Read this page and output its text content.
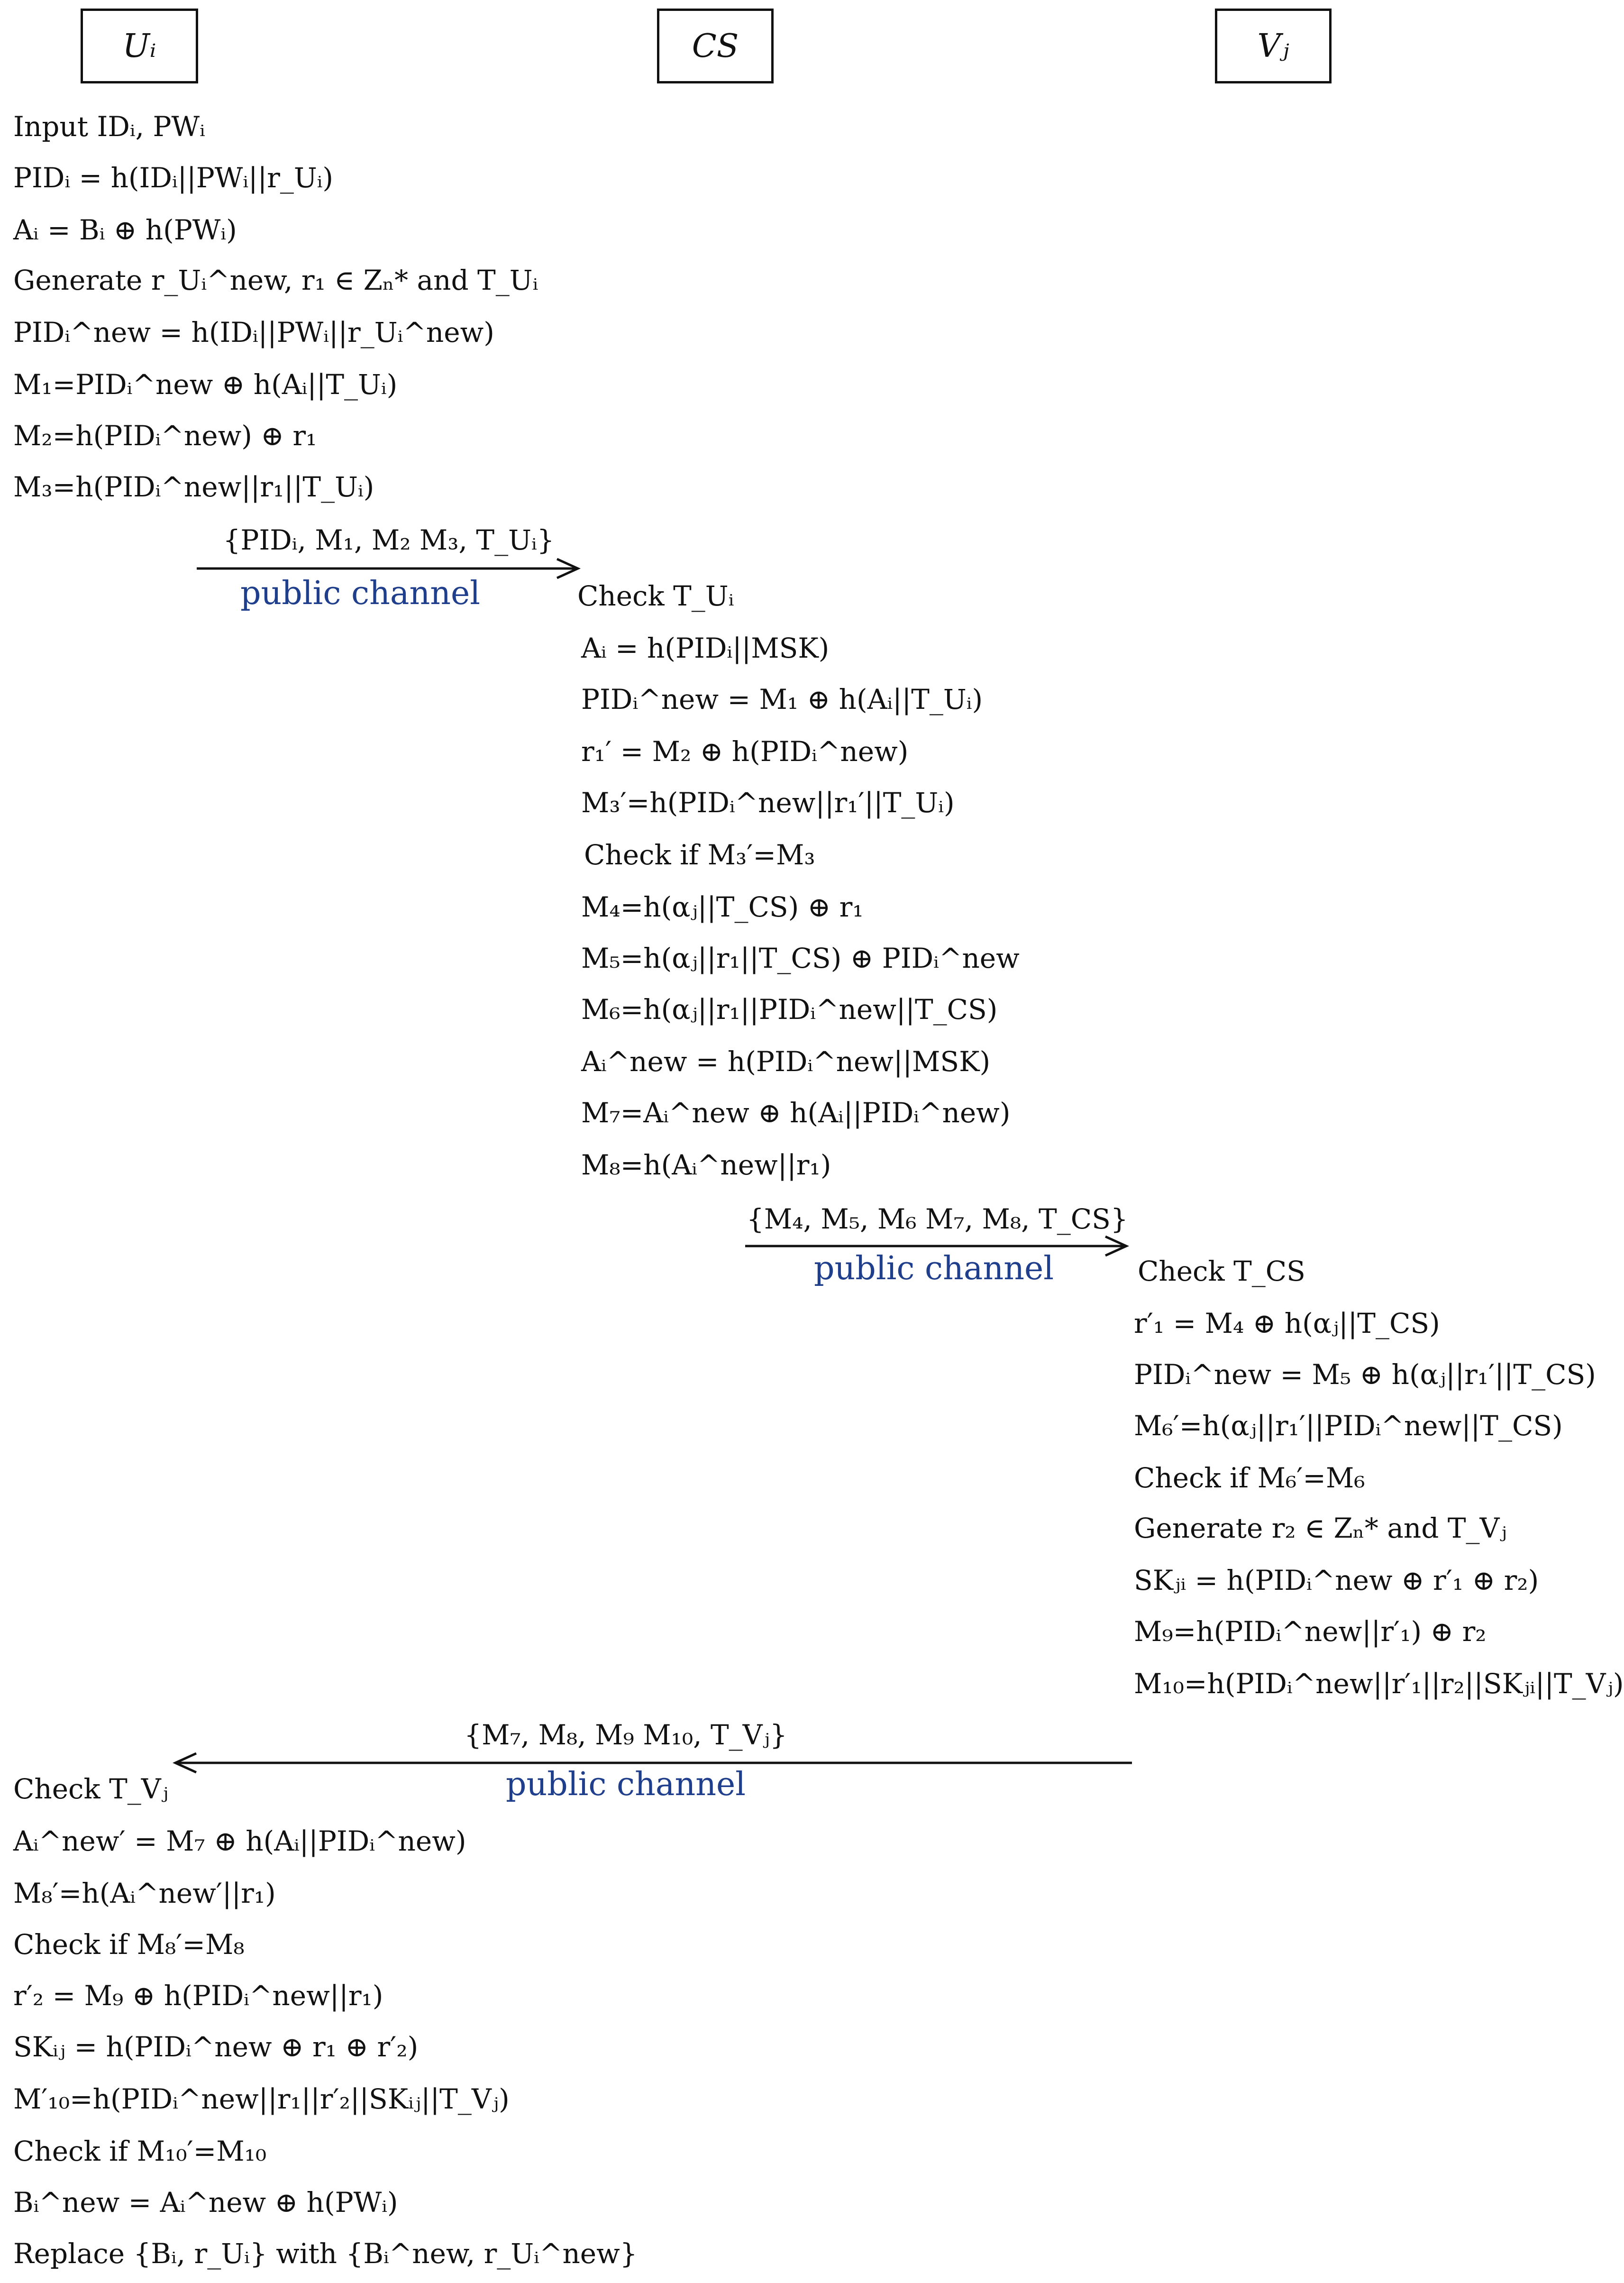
Uᵢ	CS	Vⱼ
Input IDᵢ, PWᵢ
PIDᵢ = h(IDᵢ||PWᵢ||r_Uᵢ)
Aᵢ = Bᵢ ⊕ h(PWᵢ)
Generate r_Uᵢ^new, r₁ ∈ Zₙ* and T_Uᵢ
PIDᵢ^new = h(IDᵢ||PWᵢ||r_Uᵢ^new)
M₁=PIDᵢ^new ⊕ h(Aᵢ||T_Uᵢ)
M₂=h(PIDᵢ^new) ⊕ r₁
M₃=h(PIDᵢ^new||r₁||T_Uᵢ)
{PIDᵢ, M₁, M₂ M₃, T_Uᵢ}
public channel	Check T_Uᵢ
Aᵢ = h(PIDᵢ||MSK)
PIDᵢ^new = M₁ ⊕ h(Aᵢ||T_Uᵢ)
r₁′ = M₂ ⊕ h(PIDᵢ^new)
M₃′=h(PIDᵢ^new||r₁′||T_Uᵢ)
Check if M₃′=M₃
M₄=h(αⱼ||T_CS) ⊕ r₁
M₅=h(αⱼ||r₁||T_CS) ⊕ PIDᵢ^new
M₆=h(αⱼ||r₁||PIDᵢ^new||T_CS)
Aᵢ^new = h(PIDᵢ^new||MSK)
M₇=Aᵢ^new ⊕ h(Aᵢ||PIDᵢ^new)
M₈=h(Aᵢ^new||r₁)
{M₄, M₅, M₆ M₇, M₈, T_CS}
public channel	Check T_CS
r′₁ = M₄ ⊕ h(αⱼ||T_CS)
PIDᵢ^new = M₅ ⊕ h(αⱼ||r₁′||T_CS)
M₆′=h(αⱼ||r₁′||PIDᵢ^new||T_CS)
Check if M₆′=M₆
Generate r₂ ∈ Zₙ* and T_Vⱼ
SKⱼᵢ = h(PIDᵢ^new ⊕ r′₁ ⊕ r₂)
M₉=h(PIDᵢ^new||r′₁) ⊕ r₂
M₁₀=h(PIDᵢ^new||r′₁||r₂||SKⱼᵢ||T_Vⱼ)
{M₇, M₈, M₉ M₁₀, T_Vⱼ}
public channel
Check T_Vⱼ
Aᵢ^new′ = M₇ ⊕ h(Aᵢ||PIDᵢ^new)
M₈′=h(Aᵢ^new′||r₁)
Check if M₈′=M₈
r′₂ = M₉ ⊕ h(PIDᵢ^new||r₁)
SKᵢⱼ = h(PIDᵢ^new ⊕ r₁ ⊕ r′₂)
M′₁₀=h(PIDᵢ^new||r₁||r′₂||SKᵢⱼ||T_Vⱼ)
Check if M₁₀′=M₁₀
Bᵢ^new = Aᵢ^new ⊕ h(PWᵢ)
Replace {Bᵢ, r_Uᵢ} with {Bᵢ^new, r_Uᵢ^new}
